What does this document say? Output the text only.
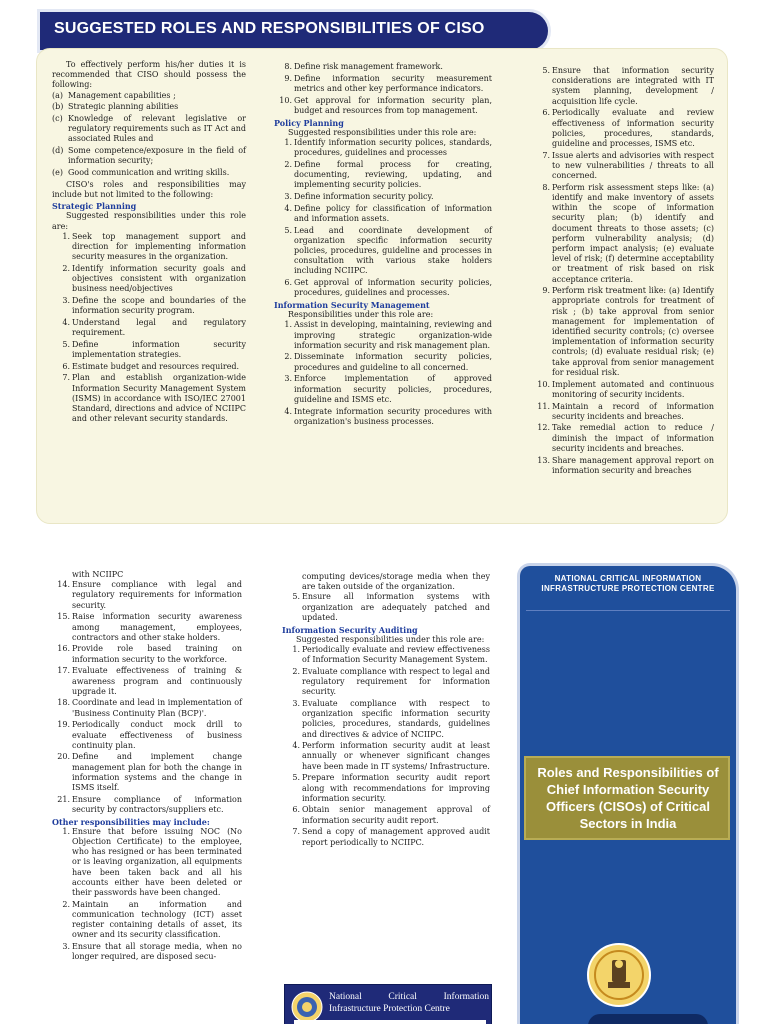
SUGGESTED ROLES AND RESPONSIBILITIES OF CISO

To effectively perform his/her duties it is recommended that CISO should possess the following:

(a) Management capabilities ;
(b) Strategic planning abilities
(c) Knowledge of relevant legislative or regulatory requirements such as IT Act and associated Rules and
(d) Some competence/exposure in the field of information security;
(e) Good communication and writing skills.

CISO's roles and responsibilities may include but not limited to the following:

Strategic Planning

Suggested responsibilities under this role are:

1. Seek top management support and direction for implementing information security measures in the organization.
2. Identify information security goals and objectives consistent with organization business need/objectives
3. Define the scope and boundaries of the information security program.
4. Understand legal and regulatory requirement.
5. Define information security implementation strategies.
6. Estimate budget and resources required.
7. Plan and establish organization-wide Information Security Management System (ISMS) in accordance with ISO/IEC 27001 Standard, directions and advice of NCIIPC and other relevant security standards.
8. Define risk management framework.
9. Define information security measurement metrics and other key performance indicators.
10. Get approval for information security plan, budget and resources from top management.

Policy Planning

Suggested responsibilities under this role are:

1. Identify information security polices, standards, procedures, guidelines and processes
2. Define formal process for creating, documenting, reviewing, updating, and implementing security policies.
3. Define information security policy.
4. Define policy for classification of information and information assets.
5. Lead and coordinate development of organization specific information security policies, procedures, guideline and processes in consultation with various stake holders including NCIIPC.
6. Get approval of information security policies, procedures, guidelines and processes.

Information Security Management

Responsibilities under this role are:

1. Assist in developing, maintaining, reviewing and improving strategic organization-wide information security and risk management plan.
2. Disseminate information security policies, procedures and guideline to all concerned.
3. Enforce implementation of approved information security policies, procedures, guideline and ISMS etc.
4. Integrate information security procedures with organization's business processes.
5. Ensure that information security considerations are integrated with IT system planning, development / acquisition life cycle.
6. Periodically evaluate and review effectiveness of information security policies, procedures, standards, guideline and processes, ISMS etc.
7. Issue alerts and advisories with respect to new vulnerabilities / threats to all concerned.
8. Perform risk assessment steps like: (a) identify and make inventory of assets within the scope of information security plan; (b) identify and document threats to those assets; (c) perform vulnerability analysis; (d) perform impact analysis; (e) evaluate level of risk; (f) determine acceptability or treatment of risk based on risk acceptance criteria.
9. Perform risk treatment like: (a) Identify appropriate controls for treatment of risk ; (b) take approval from senior management for implementation of identified security controls; (c) oversee implementation of information security controls; (d) evaluate residual risk; (e) take approval from senior management for residual risk.
10. Implement automated and continuous monitoring of security incidents.
11. Maintain a record of information security incidents and breaches.
12. Take remedial action to reduce / diminish the impact of information security incidents and breaches.
13. Share management approval report on information security and breaches

with NCIIPC

14. Ensure compliance with legal and regulatory requirements for information security.
15. Raise information security awareness among management, employees, contractors and other stake holders.
16. Provide role based training on information security to the workforce.
17. Evaluate effectiveness of training & awareness program and continuously upgrade it.
18. Coordinate and lead in implementation of 'Business Continuity Plan (BCP)'.
19. Periodically conduct mock drill to evaluate effectiveness of business continuity plan.
20. Define and implement change management plan for both the change in information systems and the change in ISMS itself.
21. Ensure compliance of information security by contractors/suppliers etc.

Other responsibilities may include:

1. Ensure that before issuing NOC (No Objection Certificate) to the employee, who has resigned or has been terminated or is leaving organization, all equipments have been taken back and all his accounts either have been deleted or their passwords have been changed.
2. Maintain an information and communication technology (ICT) asset register containing details of asset, its owner and its security classification.
3. Ensure that all storage media, when no longer required, are disposed secu-

computing devices/storage media when they are taken outside of the organization.

5. Ensure all information systems with organization are adequately patched and updated.

Information Security Auditing

Suggested responsibilities under this role are:

1. Periodically evaluate and review effectiveness of Information Security Management System.
2. Evaluate compliance with respect to legal and regulatory requirement for information security.
3. Evaluate compliance with respect to organization specific information security policies, procedures, standards, guidelines and directives & advice of NCIIPC.
4. Perform information security audit at least annually or whenever significant changes have been made in IT systems/ Infrastructure.
5. Prepare information security audit report along with recommendations for improving information security.
6. Obtain senior management approval of information security audit report.
7. Send a copy of management approved audit report periodically to NCIIPC.
National Critical Information Infrastructure Protection Centre
NATIONAL CRITICAL INFORMATION INFRASTRUCTURE PROTECTION CENTRE
Roles and Responsibilities of Chief Information Security Officers (CISOs) of Critical Sectors in India
